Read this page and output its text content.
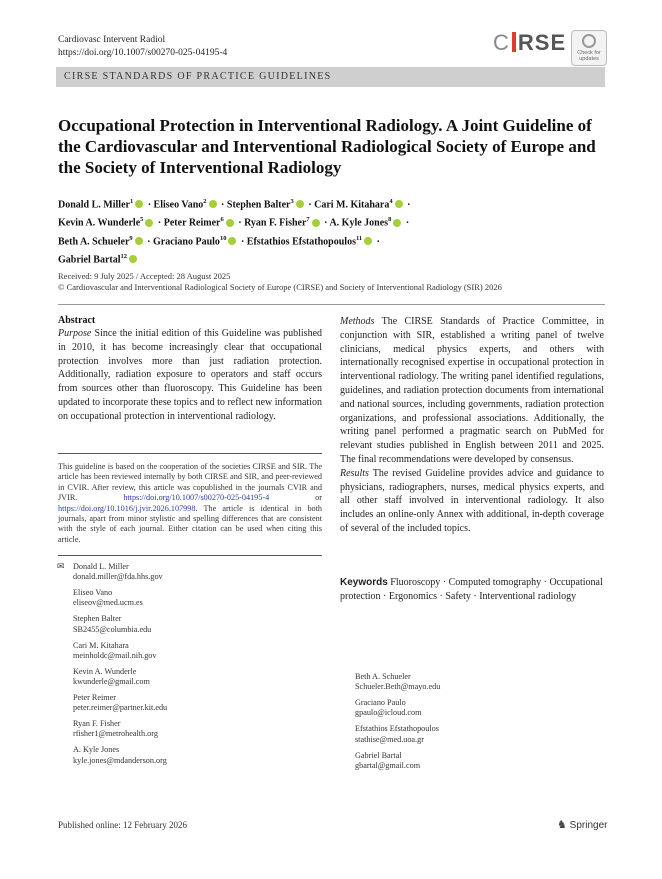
Cardiovasc Intervent Radiol
https://doi.org/10.1007/s00270-025-04195-4	C RSE	Check for
updates
CIRSE STANDARDS OF PRACTICE GUIDELINES
Occupational Protection in Interventional Radiology. A Joint Guideline of the Cardiovascular and Interventional Radiological Society of Europe and the Society of Interventional Radiology
Donald L. Miller$^1$ · Eliseo Vano$^2$ · Stephen Balter$^3$ · Cari M. Kitahara$^4$ ·
Kevin A. Wunderle$^5$ · Peter Reimer$^6$ · Ryan F. Fisher$^7$ · A. Kyle Jones$^8$ ·
Beth A. Schueler$^9$ · Graciano Paulo$^{10}$ · Efstathios Efstathopoulos$^{11}$ ·
Gabriel Bartal$^{12}$
Received: 9 July 2025 / Accepted: 28 August 2025
© Cardiovascular and Interventional Radiological Society of Europe (CIRSE) and Society of Interventional Radiology (SIR) 2026
Abstract
Purpose Since the initial edition of this Guideline was published in 2010, it has become increasingly clear that occupational protection involves more than just radiation protection. Additionally, radiation exposure to operators and staff occurs from sources other than fluoroscopy. This Guideline has been updated to incorporate these topics and to reflect new information on occupational protection in interventional radiology.
This guideline is based on the cooperation of the societies CIRSE and SIR. The article has been reviewed internally by both CIRSE and SIR, and peer-reviewed in CVIR. After review, this article was copublished in the journals CVIR and JVIR. https://doi.org/10.1007/s00270-025-04195-4 or https://doi.org/10.1016/j.jvir.2026.107998. The article is identical in both journals, apart from minor stylistic and spelling differences that are consistent with the style of each journal. Either citation can be used when citing this article.
✉ Donald L. Miller
donald.miller@fda.hhs.gov
Eliseo Vano
eliseov@med.ucm.es
Stephen Balter
SB2455@columbia.edu
Cari M. Kitahara
meinholdc@mail.nih.gov
Kevin A. Wunderle
kwunderle@gmail.com
Peter Reimer
peter.reimer@partner.kit.edu
Ryan F. Fisher
rfisher1@metrohealth.org
A. Kyle Jones
kyle.jones@mdanderson.org
Methods The CIRSE Standards of Practice Committee, in conjunction with SIR, established a writing panel of twelve clinicians, medical physics experts, and others with internationally recognised expertise in occupational protection in interventional radiology. The writing panel identified regulations, guidelines, and radiation protection documents from international and national sources, including governments, radiation protection organizations, and professional associations. Additionally, the writing panel performed a pragmatic search on PubMed for relevant studies published in English between 2011 and 2025. The final recommendations were developed by consensus.
Results The revised Guideline provides advice and guidance to physicians, radiographers, nurses, medical physics experts, and all other staff involved in interventional radiology. It also includes an online-only Annex with additional, in-depth coverage of several of the included topics.
Keywords Fluoroscopy · Computed tomography · Occupational protection · Ergonomics · Safety · Interventional radiology
Beth A. Schueler
Schueler.Beth@mayo.edu
Graciano Paulo
gpaulo@icloud.com
Efstathios Efstathopoulos
stathise@med.uoa.gr
Gabriel Bartal
gbartal@gmail.com
Published online: 12 February 2026	♞ Springer
